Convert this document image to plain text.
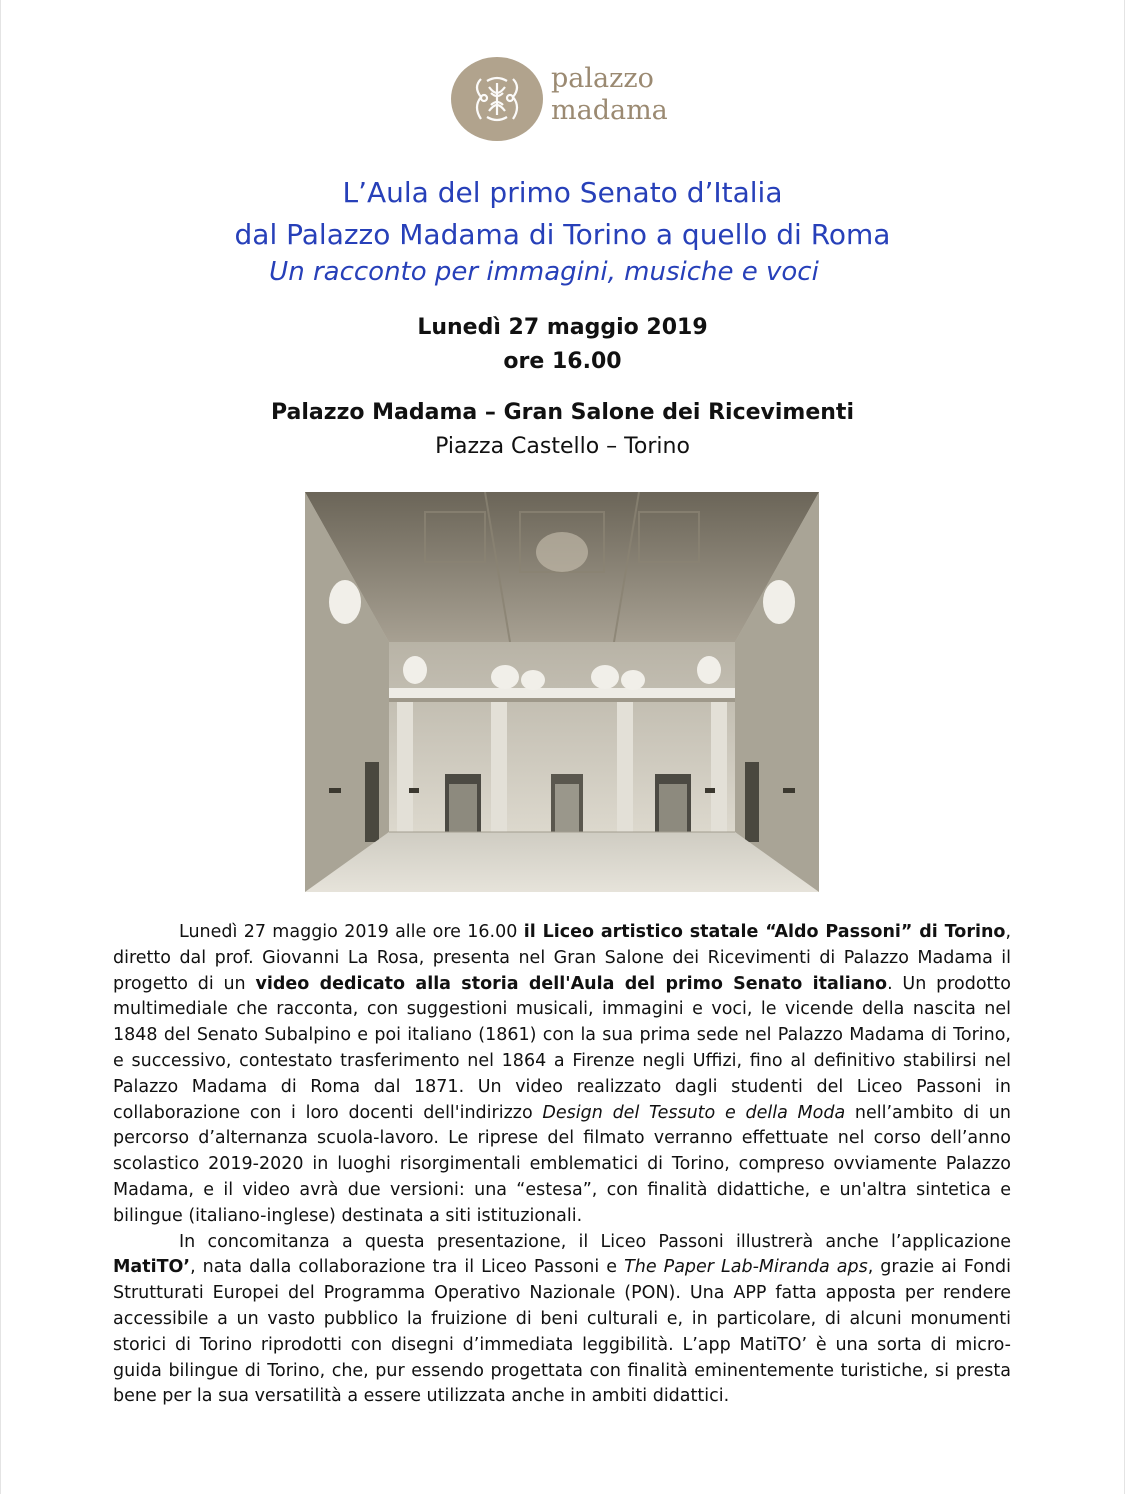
palazzo
madama
L’Aula del primo Senato d’Italia
dal Palazzo Madama di Torino a quello di Roma
Un racconto per immagini, musiche e voci
Lunedì 27 maggio 2019
ore 16.00
Palazzo Madama – Gran Salone dei Ricevimenti
Piazza Castello – Torino

Lunedì 27 maggio 2019 alle ore 16.00 il Liceo artistico statale “Aldo Passoni” di Torino, diretto dal prof. Giovanni La Rosa, presenta nel Gran Salone dei Ricevimenti di Palazzo Madama il progetto di un video dedicato alla storia dell'Aula del primo Senato italiano. Un prodotto multimediale che racconta, con suggestioni musicali, immagini e voci, le vicende della nascita nel 1848 del Senato Subalpino e poi italiano (1861) con la sua prima sede nel Palazzo Madama di Torino, e successivo, contestato trasferimento nel 1864 a Firenze negli Uffizi, fino al definitivo stabilirsi nel Palazzo Madama di Roma dal 1871. Un video realizzato dagli studenti del Liceo Passoni in collaborazione con i loro docenti dell'indirizzo Design del Tessuto e della Moda nell’ambito di un percorso d’alternanza scuola-lavoro. Le riprese del filmato verranno effettuate nel corso dell’anno scolastico 2019-2020 in luoghi risorgimentali emblematici di Torino, compreso ovviamente Palazzo Madama, e il video avrà due versioni: una “estesa”, con finalità didattiche, e un'altra sintetica e bilingue (italiano-inglese) destinata a siti istituzionali.

In concomitanza a questa presentazione, il Liceo Passoni illustrerà anche l’applicazione MatiTO’, nata dalla collaborazione tra il Liceo Passoni e The Paper Lab-Miranda aps, grazie ai Fondi Strutturati Europei del Programma Operativo Nazionale (PON). Una APP fatta apposta per rendere accessibile a un vasto pubblico la fruizione di beni culturali e, in particolare, di alcuni monumenti storici di Torino riprodotti con disegni d’immediata leggibilità. L’app MatiTO’ è una sorta di micro-guida bilingue di Torino, che, pur essendo progettata con finalità eminentemente turistiche, si presta bene per la sua versatilità a essere utilizzata anche in ambiti didattici.
